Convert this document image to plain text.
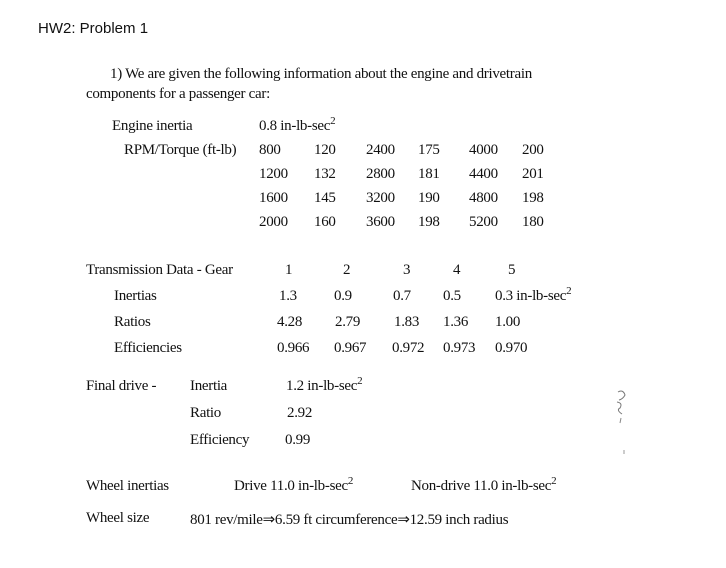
HW2: Problem 1
1) We are given the following information about the engine and drivetrain
components for a passenger car:
Engine inertia	0.8 $in-lb-\sec^2$
RPM/Torque (ft-lb) 800 120 2400 175 4000 200
1200 132 2800 181 4400 201
1600 145 3200 190 4800 198
2000 160 3600 198 5200 180
Transmission Data - Gear	1	2	3	4	5
Inertias	1.3 0.9	0.7 0.5 0.3 $in-lb-\sec^2$
Ratios	4.28 2.79 1.83 1.36 1.00
Efficiencies	0.966 0.967 0.972 0.973 0.970
Final drive - Inertia	1.2 $in-lb-\sec^2$
Ratio	2.92
Efficiency 0.99
Wheel inertias	Drive 11.0 $in-lb-\sec^2$	Non-drive 11.0 $in-lb-\sec^2$
Wheel size	801 rev/mile⇒6.59 ft circumference⇒12.59 inch radius
